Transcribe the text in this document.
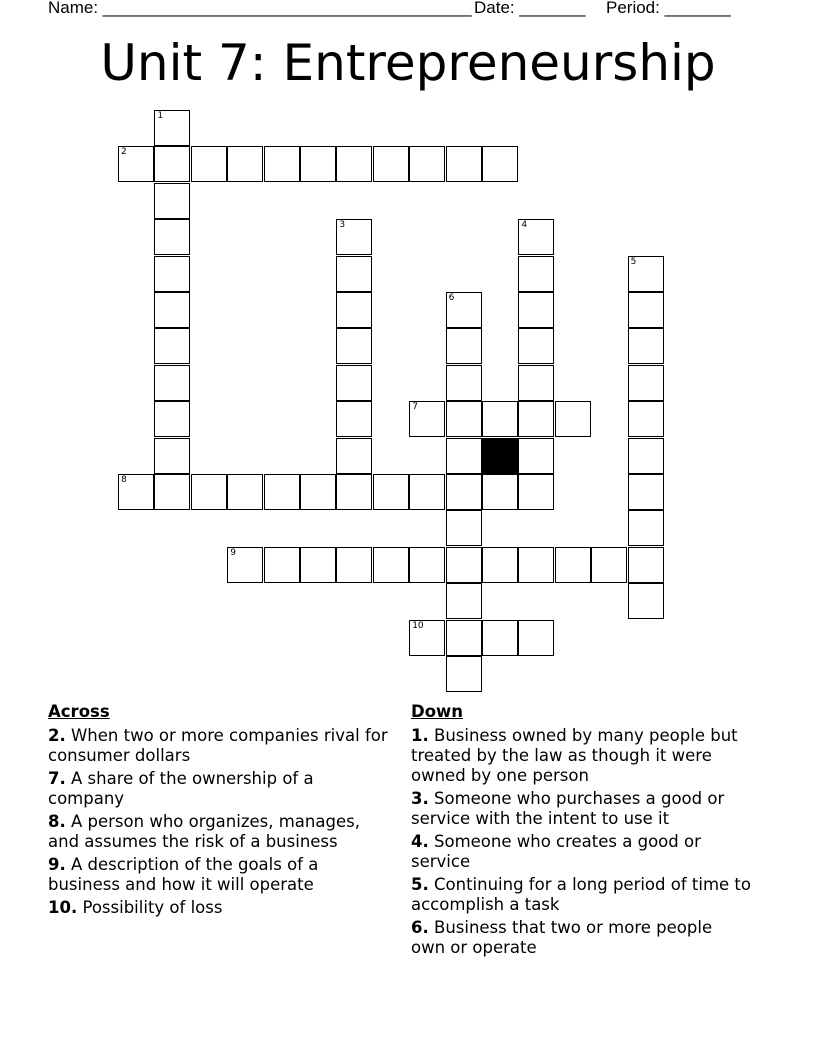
Name: _______________________________________ Date: _______ Period: _______
Unit 7: Entrepreneurship
2
7
8
9
10
1
3	4
5
6
Across
2. When two or more companies rival for consumer dollars
7. A share of the ownership of a company
8. A person who organizes, manages, and assumes the risk of a business
9. A description of the goals of a business and how it will operate
10. Possibility of loss
Down
1. Business owned by many people but treated by the law as though it were owned by one person
3. Someone who purchases a good or service with the intent to use it
4. Someone who creates a good or service
5. Continuing for a long period of time to accomplish a task
6. Business that two or more people own or operate
